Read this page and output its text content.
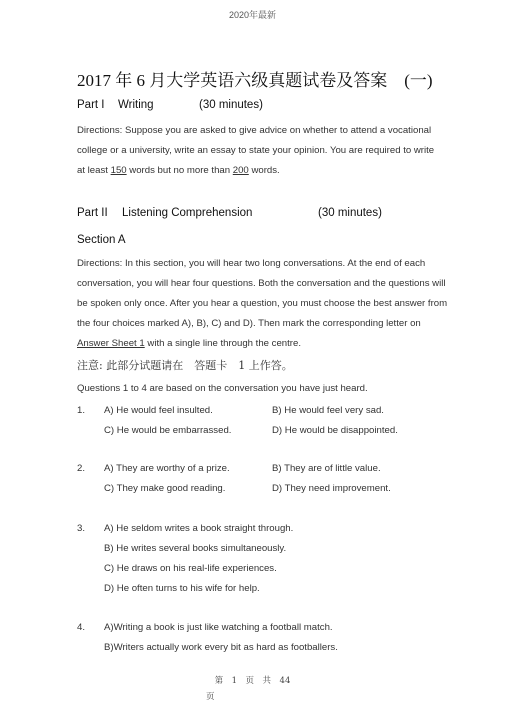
2020年最新
2017 年 6 月大学英语六级真题试卷及答案　(一)
Part I Writing	(30 minutes)
Directions: Suppose you are asked to give advice on whether to attend a vocational
college or a university, write an essay to state your opinion. You are required to write
at least 150 words but no more than 200 words.
Part II Listening Comprehension	(30 minutes)
Section A
Directions: In this section, you will hear two long conversations. At the end of each
conversation, you will hear four questions. Both the conversation and the questions will
be spoken only once. After you hear a question, you must choose the best answer from
the four choices marked A), B), C) and D). Then mark the corresponding letter on
Answer Sheet 1 with a single line through the centre.
注意: 此部分试题请在　答题卡　1 上作答。
Questions 1 to 4 are based on the conversation you have just heard.
1. A) He would feel insulted.	B) He would feel very sad.
C) He would be embarrassed.	D) He would be disappointed.
2. A) They are worthy of a prize.	B) They are of little value.
C) They make good reading.	D) They need improvement.
3. A) He seldom writes a book straight through.
B) He writes several books simultaneously.
C) He draws on his real-life experiences.
D) He often turns to his wife for help.
4. A)Writing a book is just like watching a football match.
B)Writers actually work every bit as hard as footballers.
第　1　页　共　44
页
